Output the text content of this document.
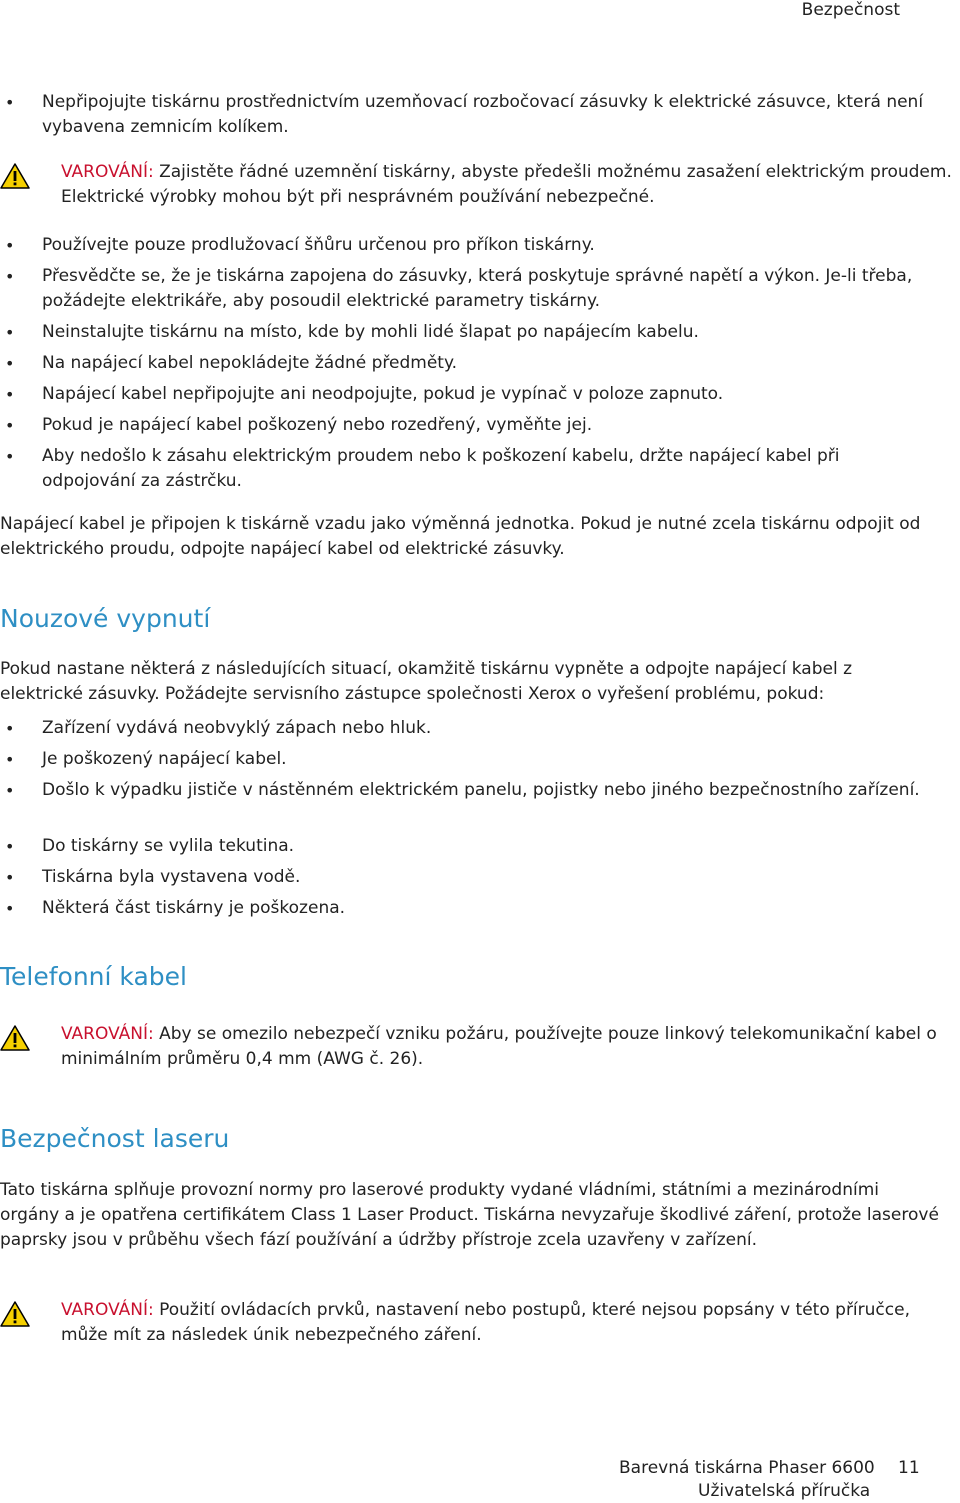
Bezpečnost
• Nepřipojujte tiskárnu prostřednictvím uzemňovací rozbočovací zásuvky k elektrické zásuvce, která není vybavena zemnicím kolíkem.
VAROVÁNÍ: Zajistěte řádné uzemnění tiskárny, abyste předešli možnému zasažení elektrickým proudem. Elektrické výrobky mohou být při nesprávném používání nebezpečné.
• Používejte pouze prodlužovací šňůru určenou pro příkon tiskárny.
• Přesvědčte se, že je tiskárna zapojena do zásuvky, která poskytuje správné napětí a výkon. Je-li třeba, požádejte elektrikáře, aby posoudil elektrické parametry tiskárny.
• Neinstalujte tiskárnu na místo, kde by mohli lidé šlapat po napájecím kabelu.
• Na napájecí kabel nepokládejte žádné předměty.
• Napájecí kabel nepřipojujte ani neodpojujte, pokud je vypínač v poloze zapnuto.
• Pokud je napájecí kabel poškozený nebo rozedřený, vyměňte jej.
• Aby nedošlo k zásahu elektrickým proudem nebo k poškození kabelu, držte napájecí kabel při odpojování za zástrčku.
Napájecí kabel je připojen k tiskárně vzadu jako výměnná jednotka. Pokud je nutné zcela tiskárnu odpojit od elektrického proudu, odpojte napájecí kabel od elektrické zásuvky.
Nouzové vypnutí
Pokud nastane některá z následujících situací, okamžitě tiskárnu vypněte a odpojte napájecí kabel z elektrické zásuvky. Požádejte servisního zástupce společnosti Xerox o vyřešení problému, pokud:
• Zařízení vydává neobvyklý zápach nebo hluk.
• Je poškozený napájecí kabel.
• Došlo k výpadku jističe v nástěnném elektrickém panelu, pojistky nebo jiného bezpečnostního zařízení.
• Do tiskárny se vylila tekutina.
• Tiskárna byla vystavena vodě.
• Některá část tiskárny je poškozena.
Telefonní kabel
VAROVÁNÍ: Aby se omezilo nebezpečí vzniku požáru, používejte pouze linkový telekomunikační kabel o minimálním průměru 0,4 mm (AWG č. 26).
Bezpečnost laseru
Tato tiskárna splňuje provozní normy pro laserové produkty vydané vládními, státními a mezinárodními orgány a je opatřena certifikátem Class 1 Laser Product. Tiskárna nevyzařuje škodlivé záření, protože laserové paprsky jsou v průběhu všech fází používání a údržby přístroje zcela uzavřeny v zařízení.
VAROVÁNÍ: Použití ovládacích prvků, nastavení nebo postupů, které nejsou popsány v této příručce, může mít za následek únik nebezpečného záření.
Barevná tiskárna Phaser 6600 11
Uživatelská příručka
